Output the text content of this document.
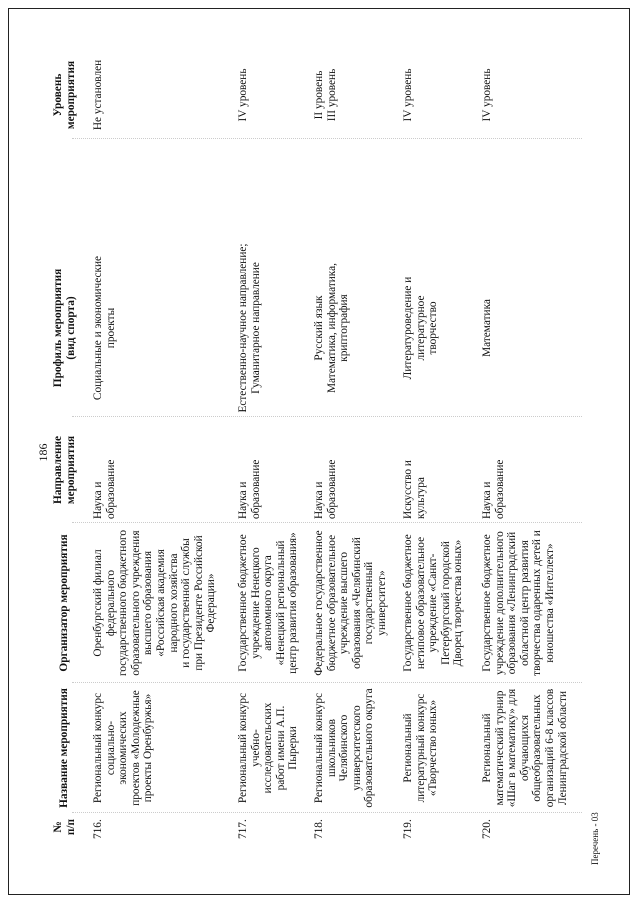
186
№
п/п
Название мероприятия
Организатор мероприятия
Направление
мероприятия
Профиль мероприятия
(вид спорта)
Уровень
мероприятия
716.
Региональный конкурс
социально-экономических
проектов «Молодежные
проекты Оренбуржья»
Оренбургский филиал
федерального
государственного бюджетного
образовательного учреждения
высшего образования
«Российская академия
народного хозяйства
и государственной службы
при Президенте Российской
Федерации»
Наука и образование
Социальные и экономические
проекты
Не установлен
717.
Региональный конкурс
учебно-исследовательских
работ имени А.П. Пырерки
Государственное бюджетное
учреждение Ненецкого
автономного округа
«Ненецкий региональный
центр развития образования»
Наука и образование
Естественно-научное направление;
Гуманитарное направление
IV уровень
718.
Региональный конкурс
школьников Челябинского
университетского
образовательного округа
Федеральное государственное
бюджетное образовательное
учреждение высшего
образования «Челябинский
государственный
университет»
Наука и образование
Русский язык
Математика, информатика,
криптография
II уровень
III уровень
719.
Региональный
литературный конкурс
«Творчество юных»
Государственное бюджетное
нетиповое образовательное
учреждение «Санкт-
Петербургский городской
Дворец творчества юных»
Искусство и культура
Литературоведение и литературное
творчество
IV уровень
720.
Региональный
математический турнир
«Шаг в математику» для
обучающихся
общеобразовательных
организаций 6-8 классов
Ленинградской области
Государственное бюджетное
учреждение дополнительного
образования «Ленинградский
областной центр развития
творчества одаренных детей и
юношества «Интеллект»
Наука и образование
Математика
IV уровень
Перечень - 03
